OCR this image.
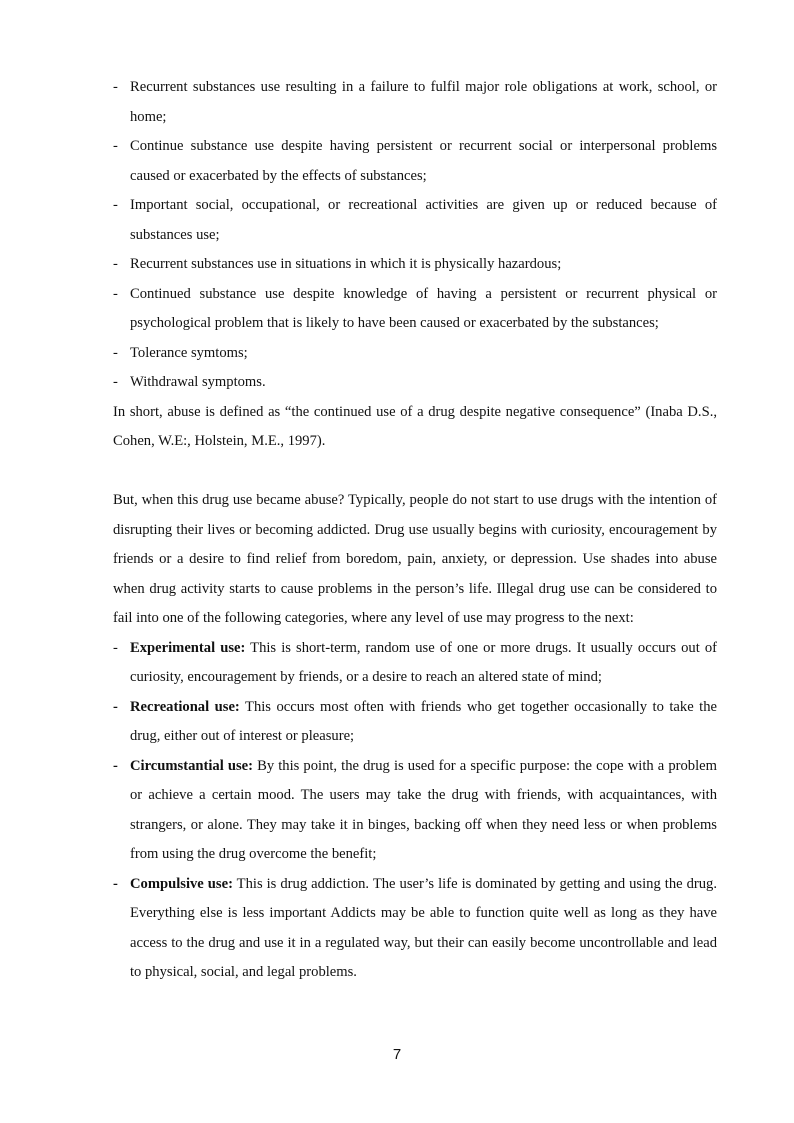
- Recurrent substances use resulting in a failure to fulfil major role obligations at work, school, or home;

- Continue substance use despite having persistent or recurrent social or interpersonal problems caused or exacerbated by the effects of substances;

- Important social, occupational, or recreational activities are given up or reduced because of substances use;

- Recurrent substances use in situations in which it is physically hazardous;

- Continued substance use despite knowledge of having a persistent or recurrent physical or psychological problem that is likely to have been caused or exacerbated by the substances;

- Tolerance symtoms;

- Withdrawal symptoms.

In short, abuse is defined as “the continued use of a drug despite negative consequence” (Inaba D.S., Cohen, W.E:, Holstein, M.E., 1997).

But, when this drug use became abuse? Typically, people do not start to use drugs with the intention of disrupting their lives or becoming addicted. Drug use usually begins with curiosity, encouragement by friends or a desire to find relief from boredom, pain, anxiety, or depression. Use shades into abuse when drug activity starts to cause problems in the person’s life. Illegal drug use can be considered to fail into one of the following categories, where any level of use may progress to the next:

- Experimental use: This is short-term, random use of one or more drugs. It usually occurs out of curiosity, encouragement by friends, or a desire to reach an altered state of mind;

- Recreational use: This occurs most often with friends who get together occasionally to take the drug, either out of interest or pleasure;

- Circumstantial use: By this point, the drug is used for a specific purpose: the cope with a problem or achieve a certain mood. The users may take the drug with friends, with acquaintances, with strangers, or alone. They may take it in binges, backing off when they need less or when problems from using the drug overcome the benefit;

- Compulsive use: This is drug addiction. The user’s life is dominated by getting and using the drug. Everything else is less important Addicts may be able to function quite well as long as they have access to the drug and use it in a regulated way, but their can easily become uncontrollable and lead to physical, social, and legal problems.

7
